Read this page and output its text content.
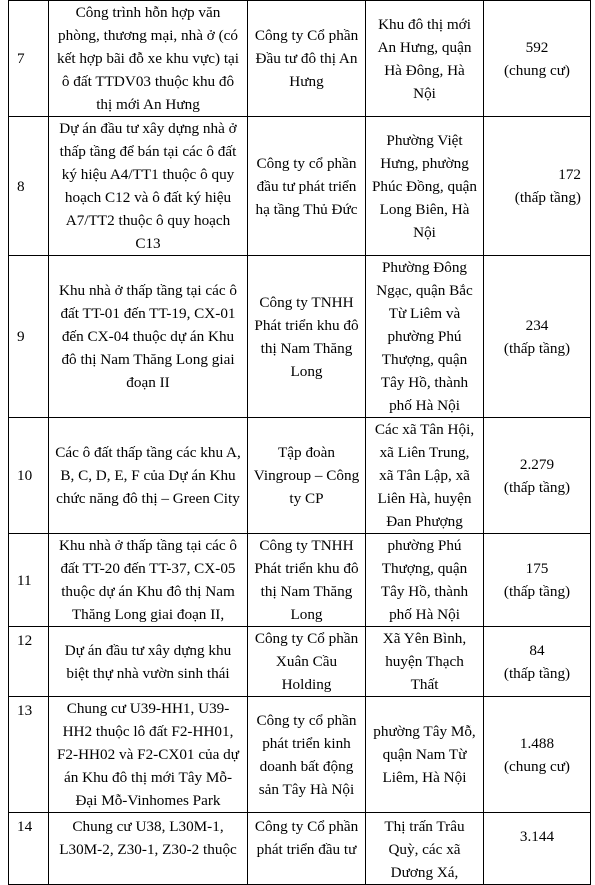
7	Công trình hỗn hợp văn phòng, thương mại, nhà ở (có kết hợp bãi đỗ xe khu vực) tại ô đất TTDV03 thuộc khu đô thị mới An Hưng	Công ty Cổ phần Đầu tư đô thị An Hưng	Khu đô thị mới An Hưng, quận Hà Đông, Hà Nội	592
(chung cư)

8	Dự án đầu tư xây dựng nhà ở thấp tầng để bán tại các ô đất ký hiệu A4/TT1 thuộc ô quy hoạch C12 và ô đất ký hiệu A7/TT2 thuộc ô quy hoạch C13	Công ty cổ phần đầu tư phát triển hạ tầng Thủ Đức	Phường Việt Hưng, phường Phúc Đồng, quận Long Biên, Hà Nội	172
(thấp tầng)

9	Khu nhà ở thấp tầng tại các ô đất TT-01 đến TT-19, CX-01 đến CX-04 thuộc dự án Khu đô thị Nam Thăng Long giai đoạn II	Công ty TNHH Phát triển khu đô thị Nam Thăng Long	Phường Đông Ngạc, quận Bắc Từ Liêm và phường Phú Thượng, quận Tây Hồ, thành phố Hà Nội	234
(thấp tầng)

10	Các ô đất thấp tầng các khu A, B, C, D, E, F của Dự án Khu chức năng đô thị – Green City	Tập đoàn Vingroup – Công ty CP	Các xã Tân Hội, xã Liên Trung, xã Tân Lập, xã Liên Hà, huyện Đan Phượng	2.279
(thấp tầng)

11	Khu nhà ở thấp tầng tại các ô đất TT-20 đến TT-37, CX-05 thuộc dự án Khu đô thị Nam Thăng Long giai đoạn II,	Công ty TNHH Phát triển khu đô thị Nam Thăng Long	phường Phú Thượng, quận Tây Hồ, thành phố Hà Nội	175
(thấp tầng)

12	Dự án đầu tư xây dựng khu biệt thự nhà vườn sinh thái	Công ty Cổ phần Xuân Cầu Holding	Xã Yên Bình, huyện Thạch Thất	84
(thấp tầng)

13	Chung cư U39-HH1, U39-HH2 thuộc lô đất F2-HH01, F2-HH02 và F2-CX01 của dự án Khu đô thị mới Tây Mỗ-Đại Mỗ-Vinhomes Park	Công ty cổ phần phát triển kinh doanh bất động sản Tây Hà Nội	phường Tây Mỗ, quận Nam Từ Liêm, Hà Nội	1.488
(chung cư)

14	Chung cư U38, L30M-1, L30M-2, Z30-1, Z30-2 thuộc	Công ty Cổ phần phát triển đầu tư	Thị trấn Trâu Quỳ, các xã Dương Xá,	3.144
